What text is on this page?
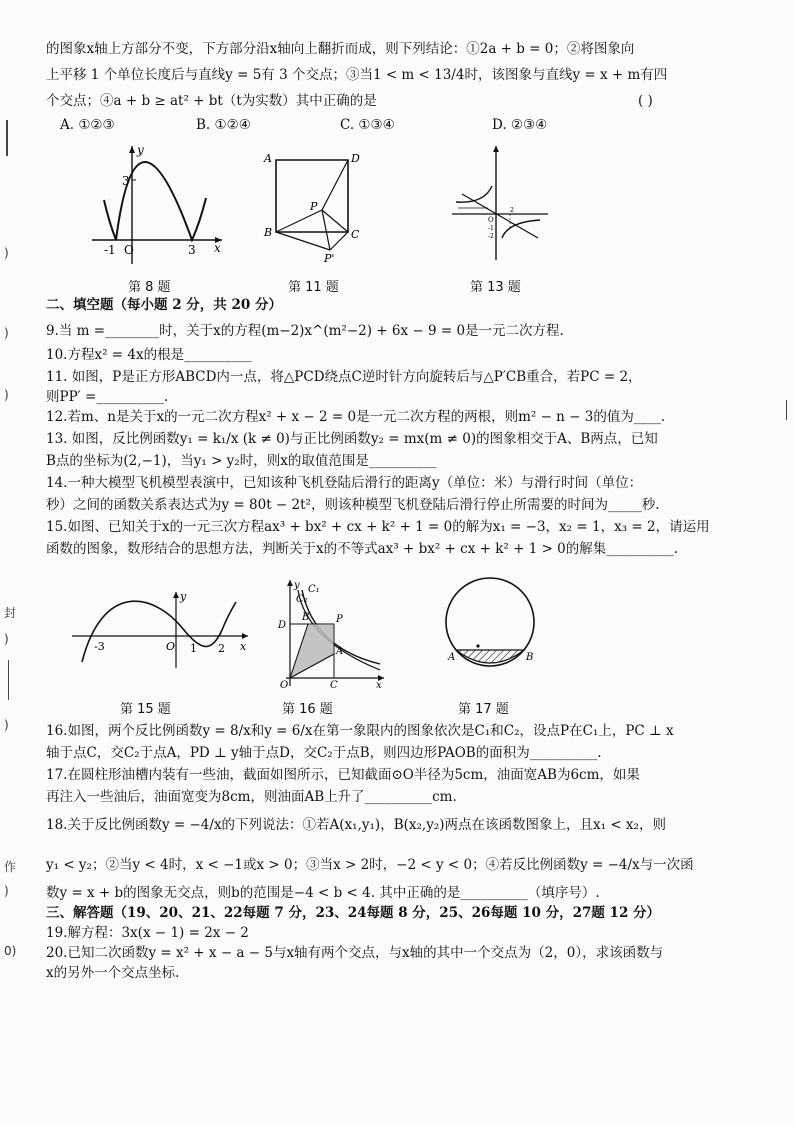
)
)
)
封
)
)
作
)
0)
的图象x轴上方部分不变，下方部分沿x轴向上翻折而成，则下列结论：①2a + b = 0；②将图象向
上平移 1 个单位长度后与直线y = 5有 3 个交点；③当1 < m < 13/4时，该图象与直线y = x + m有四
个交点；④a + b ≥ at² + bt（t为实数）其中正确的是	( )
A. ①②③	B. ①②④	C. ①③④	D. ②③④
y
3
-1 O	3 x
第 8 题
A	D
P
B	C
P'
第 11 题
O
2
-1
-2
第 13 题
二、填空题（每小题 2 分，共 20 分）
9.当 m =________时，关于x的方程(m−2)x^(m²−2) + 6x − 9 = 0是一元二次方程.
10.方程x² = 4x的根是__________
11. 如图，P是正方形ABCD内一点，将△PCD绕点C逆时针方向旋转后与△P′CB重合，若PC = 2，
则PP′ =__________.
12.若m、n是关于x的一元二次方程x² + x − 2 = 0是一元二次方程的两根，则m² − n − 3的值为____.
13. 如图，反比例函数y₁ = k₁/x (k ≠ 0)与正比例函数y₂ = mx(m ≠ 0)的图象相交于A、B两点，已知
B点的坐标为(2,−1)，当y₁ > y₂时，则x的取值范围是__________
14.一种大模型飞机模型表演中，已知该种飞机登陆后滑行的距离y（单位：米）与滑行时间（单位：
秒）之间的函数关系表达式为y = 80t − 2t²，则该种模型飞机登陆后滑行停止所需要的时间为_____秒.
15.如图、已知关于x的一元三次方程ax³ + bx² + cx + k² + 1 = 0的解为x₁ = −3，x₂ = 1，x₃ = 2，请运用
函数的图象，数形结合的思想方法，判断关于x的不等式ax³ + bx² + cx + k² + 1 > 0的解集__________.
y
-3	O 1 2 x
第 15 题
y C₁
C₂
D
B	P
A
O	C	x
第 16 题
A	B
第 17 题
16.如图，两个反比例函数y = 8/x和y = 6/x在第一象限内的图象依次是C₁和C₂，设点P在C₁上，PC ⊥ x
轴于点C，交C₂于点A，PD ⊥ y轴于点D，交C₂于点B，则四边形PAOB的面积为__________.
17.在圆柱形油槽内装有一些油，截面如图所示，已知截面⊙O半径为5cm，油面宽AB为6cm，如果
再注入一些油后，油面宽变为8cm，则油面AB上升了__________cm.
18.关于反比例函数y = −4/x的下列说法：①若A(x₁,y₁)，B(x₂,y₂)两点在该函数图象上，且x₁ < x₂，则
y₁ < y₂；②当y < 4时，x < −1或x > 0；③当x > 2时，−2 < y < 0；④若反比例函数y = −4/x与一次函
数y = x + b的图象无交点，则b的范围是−4 < b < 4. 其中正确的是__________（填序号）.
三、解答题（19、20、21、22每题 7 分，23、24每题 8 分，25、26每题 10 分，27题 12 分）
19.解方程：3x(x − 1) = 2x − 2
20.已知二次函数y = x² + x − a − 5与x轴有两个交点，与x轴的其中一个交点为（2，0），求该函数与
x的另外一个交点坐标.
